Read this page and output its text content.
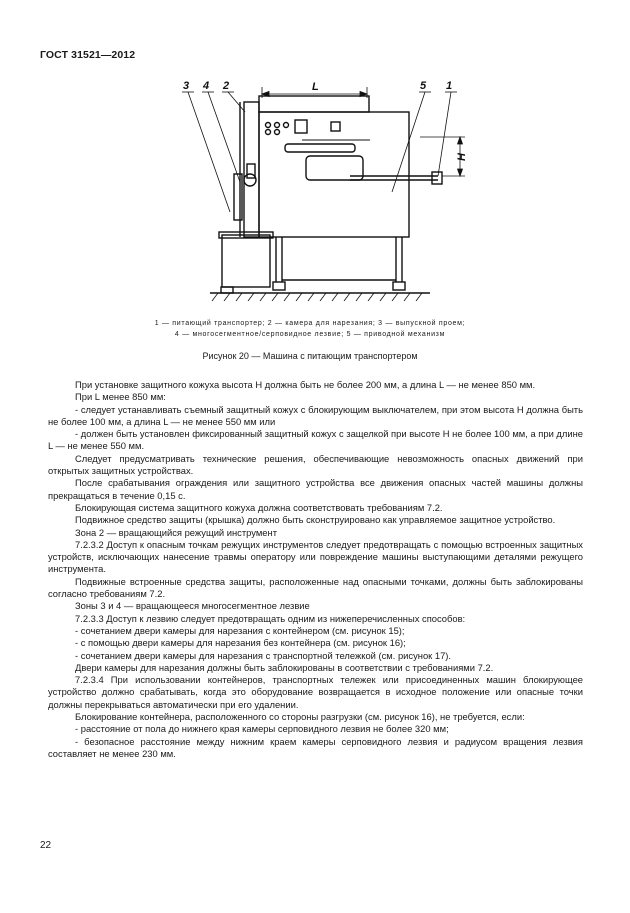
ГОСТ 31521—2012
3 4 2	5 1
L
H
1 — питающий транспортер; 2 — камера для нарезания; 3 — выпускной проем;
4 — многосегментное/серповидное лезвие; 5 — приводной механизм
Рисунок 20 — Машина с питающим транспортером

При установке защитного кожуха высота H должна быть не более 200 мм, а длина L — не менее 850 мм.

При L менее 850 мм:

- следует устанавливать съемный защитный кожух с блокирующим выключателем, при этом высота H должна быть не более 100 мм, а длина L — не менее 550 мм или

- должен быть установлен фиксированный защитный кожух с защелкой при высоте H не более 100 мм, а при длине L — не менее 550 мм.

Следует предусматривать технические решения, обеспечивающие невозможность опасных движений при открытых защитных устройствах.

После срабатывания ограждения или защитного устройства все движения опасных частей машины должны прекращаться в течение 0,15 с.

Блокирующая система защитного кожуха должна соответствовать требованиям 7.2.

Подвижное средство защиты (крышка) должно быть сконструировано как управляемое защитное устройство.

Зона 2 — вращающийся режущий инструмент

7.2.3.2 Доступ к опасным точкам режущих инструментов следует предотвращать с помощью встроенных защитных устройств, исключающих нанесение травмы оператору или повреждение машины выступающими деталями режущего инструмента.

Подвижные встроенные средства защиты, расположенные над опасными точками, должны быть заблокированы согласно требованиям 7.2.

Зоны 3 и 4 — вращающееся многосегментное лезвие

7.2.3.3 Доступ к лезвию следует предотвращать одним из нижеперечисленных способов:

- сочетанием двери камеры для нарезания с контейнером (см. рисунок 15);

- с помощью двери камеры для нарезания без контейнера (см. рисунок 16);

- сочетанием двери камеры для нарезания с транспортной тележкой (см. рисунок 17).

Двери камеры для нарезания должны быть заблокированы в соответствии с требованиями 7.2.

7.2.3.4 При использовании контейнеров, транспортных тележек или присоединенных машин блокирующее устройство должно срабатывать, когда это оборудование возвращается в исходное положение или опасные точки должны перекрываться автоматически при его удалении.

Блокирование контейнера, расположенного со стороны разгрузки (см. рисунок 16), не требуется, если:

- расстояние от пола до нижнего края камеры серповидного лезвия не более 320 мм;

- безопасное расстояние между нижним краем камеры серповидного лезвия и радиусом вращения лезвия составляет не менее 230 мм.

22
